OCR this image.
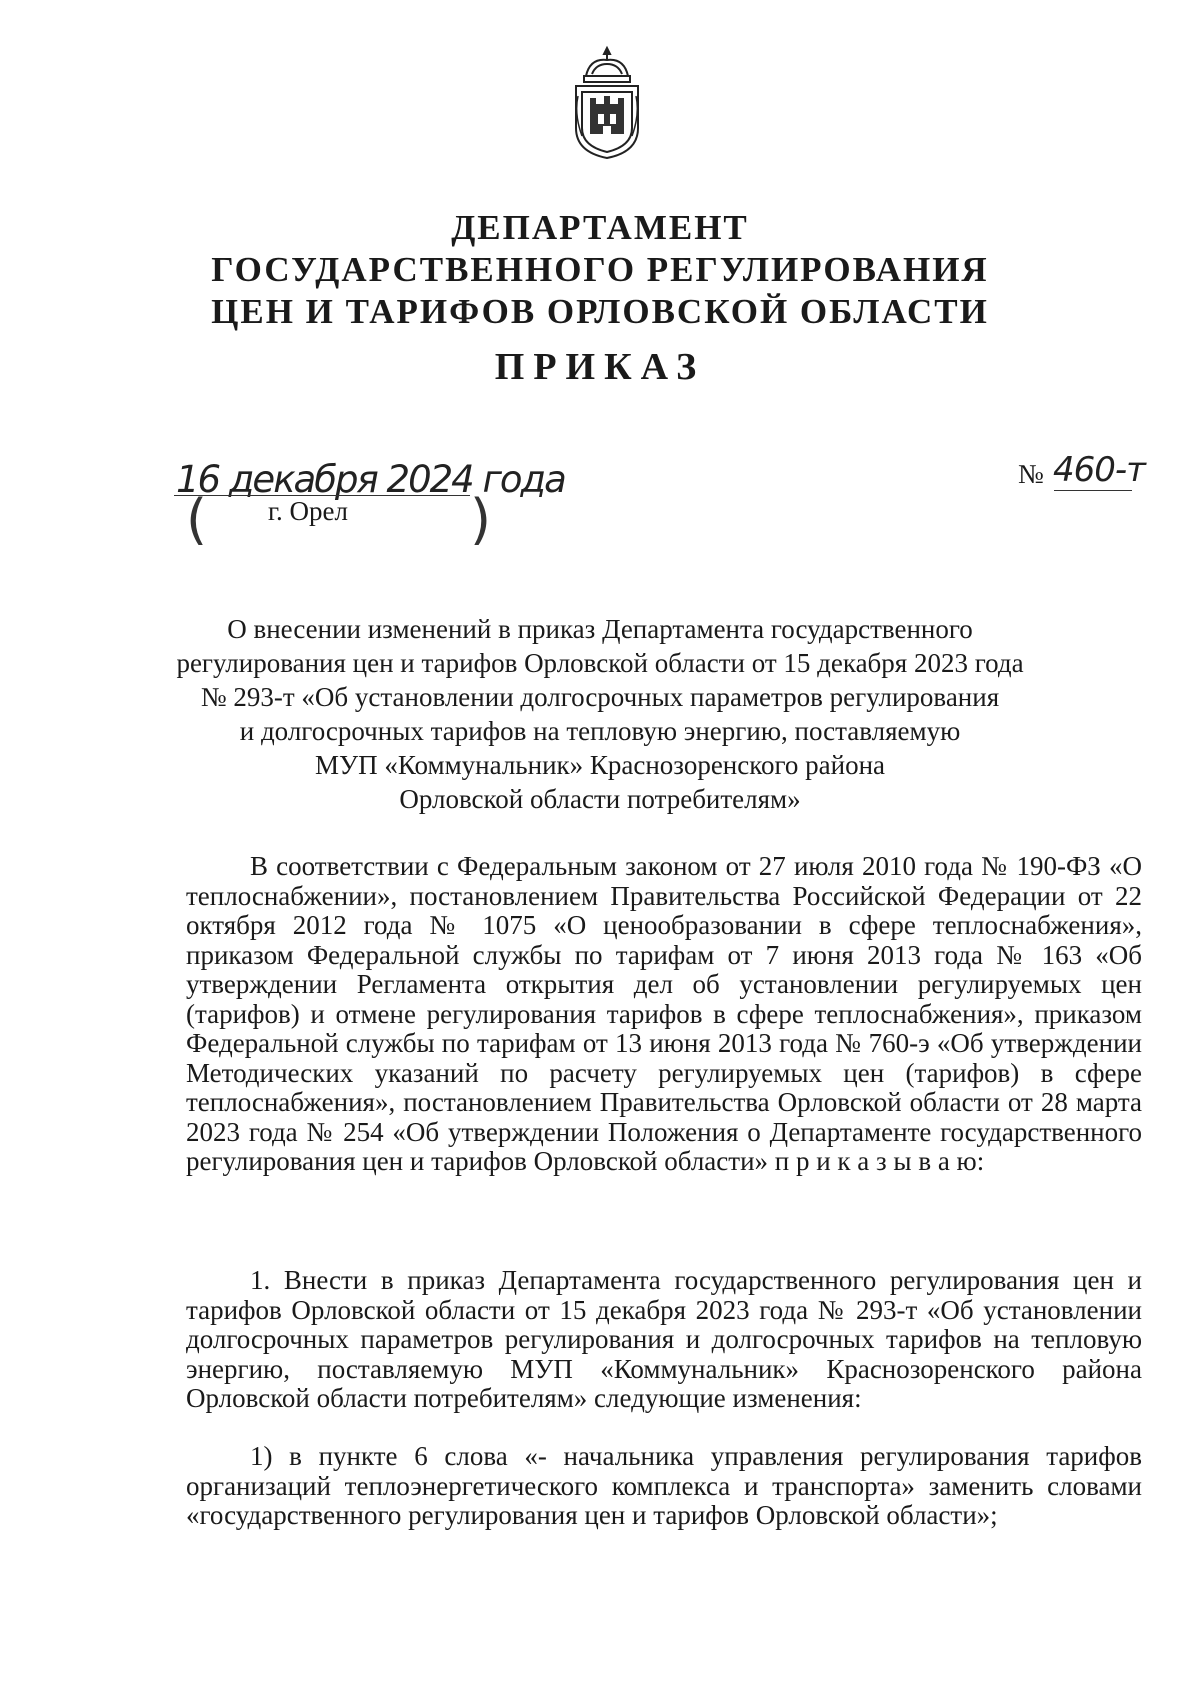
ДЕПАРТАМЕНТ
ГОСУДАРСТВЕННОГО РЕГУЛИРОВАНИЯ
ЦЕН И ТАРИФОВ ОРЛОВСКОЙ ОБЛАСТИ
ПРИКАЗ
16 декабря 2024 года
(	)
г. Орел
№ 460-т
О внесении изменений в приказ Департамента государственного
регулирования цен и тарифов Орловской области от 15 декабря 2023 года
№ 293-т «Об установлении долгосрочных параметров регулирования
и долгосрочных тарифов на тепловую энергию, поставляемую
МУП «Коммунальник» Краснозоренского района
Орловской области потребителям»
В соответствии с Федеральным законом от 27 июля 2010 года № 190-ФЗ «О теплоснабжении», постановлением Правительства Российской Федерации от 22 октября 2012 года № 1075 «О ценообразовании в сфере теплоснабжения», приказом Федеральной службы по тарифам от 7 июня 2013 года № 163 «Об утверждении Регламента открытия дел об установлении регулируемых цен (тарифов) и отмене регулирования тарифов в сфере теплоснабжения», приказом Федеральной службы по тарифам от 13 июня 2013 года № 760-э «Об утверждении Методических указаний по расчету регулируемых цен (тарифов) в сфере теплоснабжения», постановлением Правительства Орловской области от 28 марта 2023 года № 254 «Об утверждении Положения о Департаменте государственного регулирования цен и тарифов Орловской области» п р и к а з ы в а ю:
1. Внести в приказ Департамента государственного регулирования цен и тарифов Орловской области от 15 декабря 2023 года № 293-т «Об установлении долгосрочных параметров регулирования и долгосрочных тарифов на тепловую энергию, поставляемую МУП «Коммунальник» Краснозоренского района Орловской области потребителям» следующие изменения:
1) в пункте 6 слова «- начальника управления регулирования тарифов организаций теплоэнергетического комплекса и транспорта» заменить словами «государственного регулирования цен и тарифов Орловской области»;
